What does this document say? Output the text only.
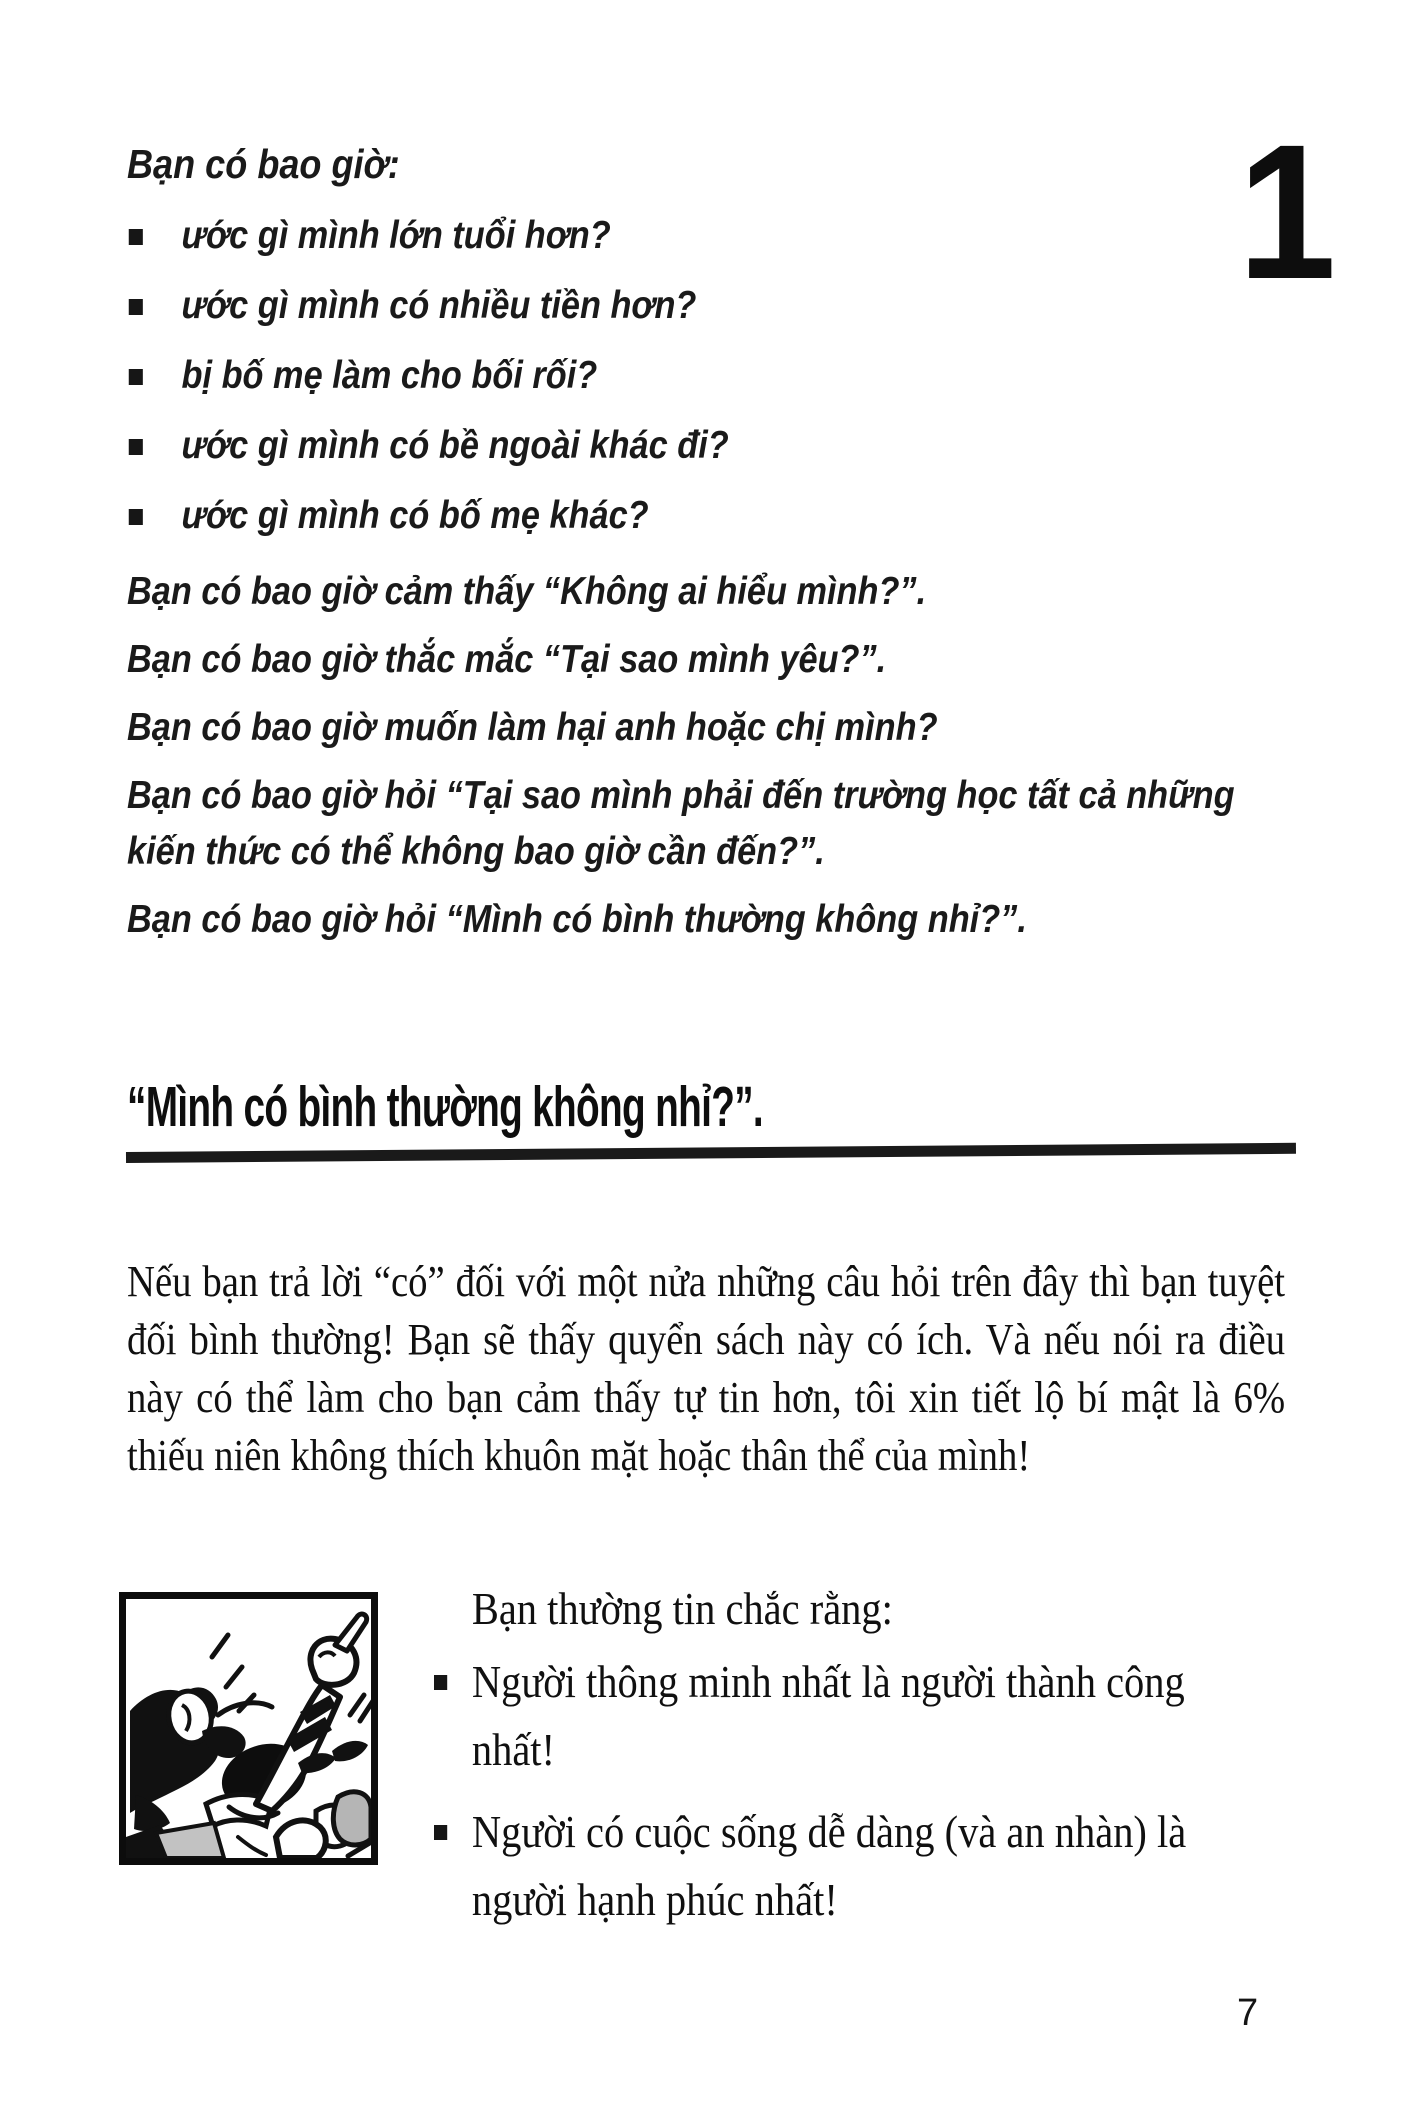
1

Bạn có bao giờ:

ước gì mình lớn tuổi hơn?
ước gì mình có nhiều tiền hơn?
bị bố mẹ làm cho bối rối?
ước gì mình có bề ngoài khác đi?
ước gì mình có bố mẹ khác?

Bạn có bao giờ cảm thấy “Không ai hiểu mình?”.

Bạn có bao giờ thắc mắc “Tại sao mình yêu?”.

Bạn có bao giờ muốn làm hại anh hoặc chị mình?

Bạn có bao giờ hỏi “Tại sao mình phải đến trường học tất cả những kiến thức có thể không bao giờ cần đến?”.

Bạn có bao giờ hỏi “Mình có bình thường không nhỉ?”.

“Mình có bình thường không nhỉ?”.

Nếu bạn trả lời “có” đối với một nửa những câu hỏi trên đây thì bạn tuyệt đối bình thường! Bạn sẽ thấy quyển sách này có ích. Và nếu nói ra điều này có thể làm cho bạn cảm thấy tự tin hơn, tôi xin tiết lộ bí mật là 6% thiếu niên không thích khuôn mặt hoặc thân thể của mình!

Bạn thường tin chắc rằng:

Người thông minh nhất là người thành công nhất!
Người có cuộc sống dễ dàng (và an nhàn) là người hạnh phúc nhất!
7
